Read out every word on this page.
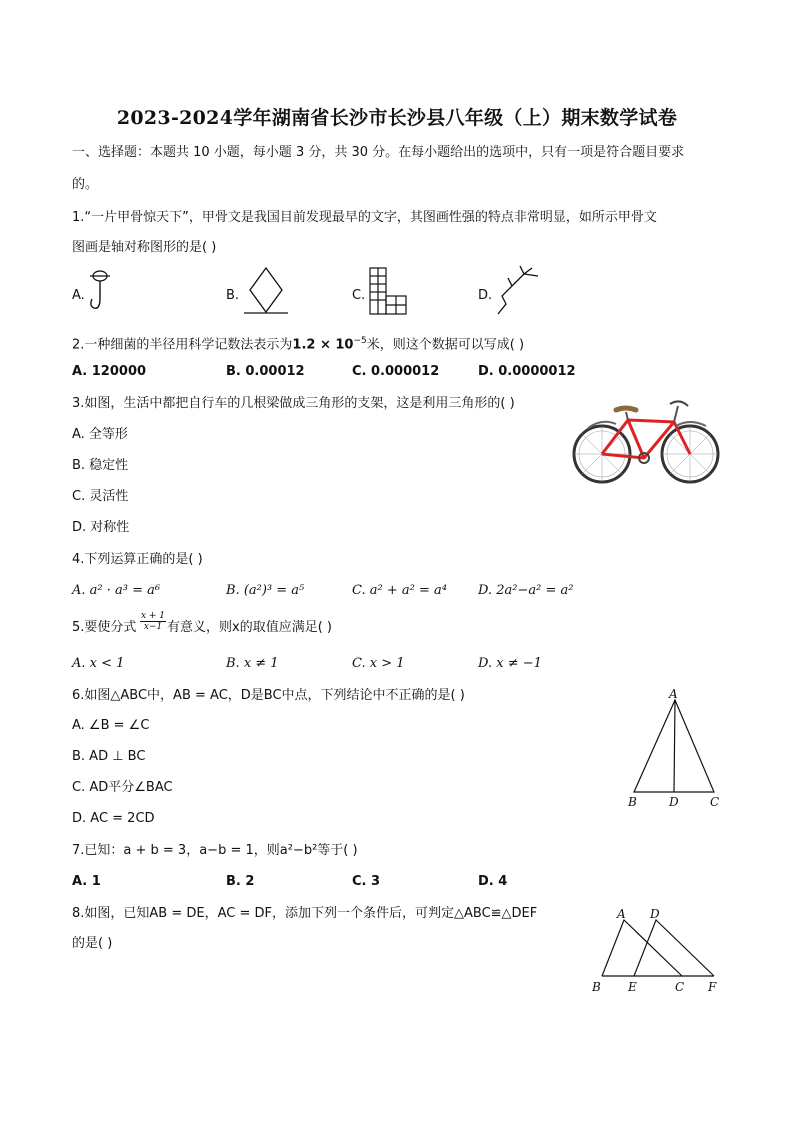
2023-2024学年湖南省长沙市长沙县八年级（上）期末数学试卷
一、选择题：本题共 10 小题，每小题 3 分，共 30 分。在每小题给出的选项中，只有一项是符合题目要求
的。
1.“一片甲骨惊天下”，甲骨文是我国目前发现最早的文字，其图画性强的特点非常明显，如所示甲骨文
图画是轴对称图形的是( )
A.	B.	C.	D.
2.一种细菌的半径用科学记数法表示为$1.2 \times 10^{-5}$米，则这个数据可以写成( )
A. 120000	B. 0.00012	C. 0.000012	D. 0.0000012
3.如图，生活中都把自行车的几根梁做成三角形的支架，这是利用三角形的( )
A. 全等形
B. 稳定性
C. 灵活性
D. 对称性
4.下列运算正确的是( )
A. a² · a³ = a⁶	B. (a²)³ = a⁵	C. a² + a² = a⁴ D. 2a²−a² = a²
5.要使分式 $\frac{x + 1}{x-1}$ 有意义，则x的取值应满足( )
A. x < 1	B. x ≠ 1	C. x > 1	D. x ≠ −1
6.如图△ABC中，AB = AC，D是BC中点，下列结论中不正确的是( )
A. ∠B = ∠C
B. AD ⊥ BC
C. AD平分∠BAC
D. AC = 2CD
A
B	D	C
7.已知：a + b = 3，a−b = 1，则a²−b²等于( )
A. 1	B. 2	C. 3	D. 4
8.如图，已知AB = DE，AC = DF，添加下列一个条件后，可判定△ABC≌△DEF
的是( )
A D
B E	C F
